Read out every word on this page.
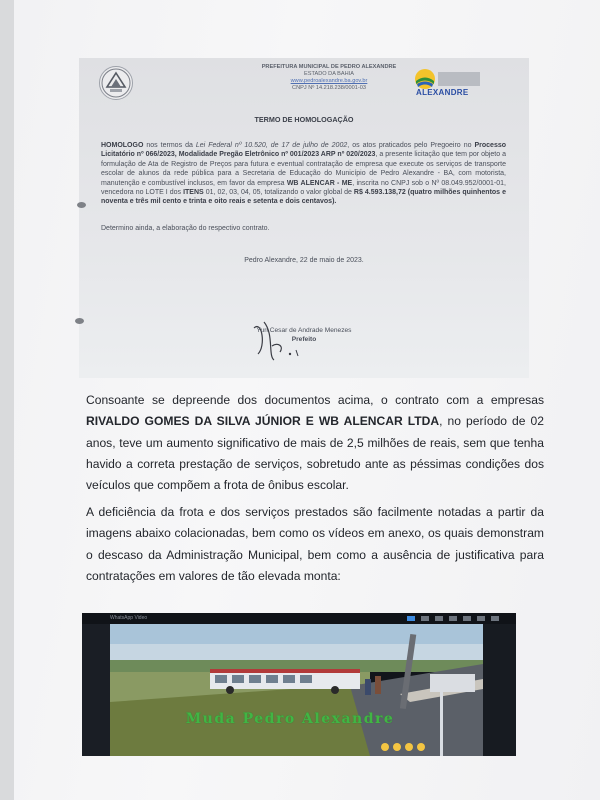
PREFEITURA MUNICIPAL DE PEDRO ALEXANDRE
ESTADO DA BAHIA
www.pedroalexandre.ba.gov.br
CNPJ Nº 14.218.238/0001-03	ALEXANDRE
TERMO DE HOMOLOGAÇÃO
HOMOLOGO nos termos da Lei Federal nº 10.520, de 17 de julho de 2002, os atos praticados pelo Pregoeiro no Processo Licitatório nº 066/2023, Modalidade Pregão Eletrônico nº 001/2023 ARP nº 020/2023, a presente licitação que tem por objeto a formulação de Ata de Registro de Preços para futura e eventual contratação de empresa que execute os serviços de transporte escolar de alunos da rede pública para a Secretaria de Educação do Município de Pedro Alexandre - BA, com motorista, manutenção e combustível inclusos, em favor da empresa WB ALENCAR - ME, inscrita no CNPJ sob o Nº 08.049.952/0001-01, vencedora no LOTE I dos ITENS 01, 02, 03, 04, 05, totalizando o valor global de R$ 4.593.138,72 (quatro milhões quinhentos e noventa e três mil cento e trinta e oito reais e setenta e dois centavos).
Determino ainda, a elaboração do respectivo contrato.
Pedro Alexandre, 22 de maio de 2023.
Yuri Cesar de Andrade Menezes
Prefeito
Consoante se depreende dos documentos acima, o contrato com a empresas RIVALDO GOMES DA SILVA JÚNIOR E WB ALENCAR LTDA, no período de 02 anos, teve um aumento significativo de mais de 2,5 milhões de reais, sem que tenha havido a correta prestação de serviços, sobretudo ante as péssimas condições dos veículos que compõem a frota de ônibus escolar.
A deficiência da frota e dos serviços prestados são facilmente notadas a partir da imagens abaixo colacionadas, bem como os vídeos em anexo, os quais demonstram o descaso da Administração Municipal, bem como a ausência de justificativa para contratações em valores de tão elevada monta:
WhatsApp Video
Muda Pedro Alexandre
